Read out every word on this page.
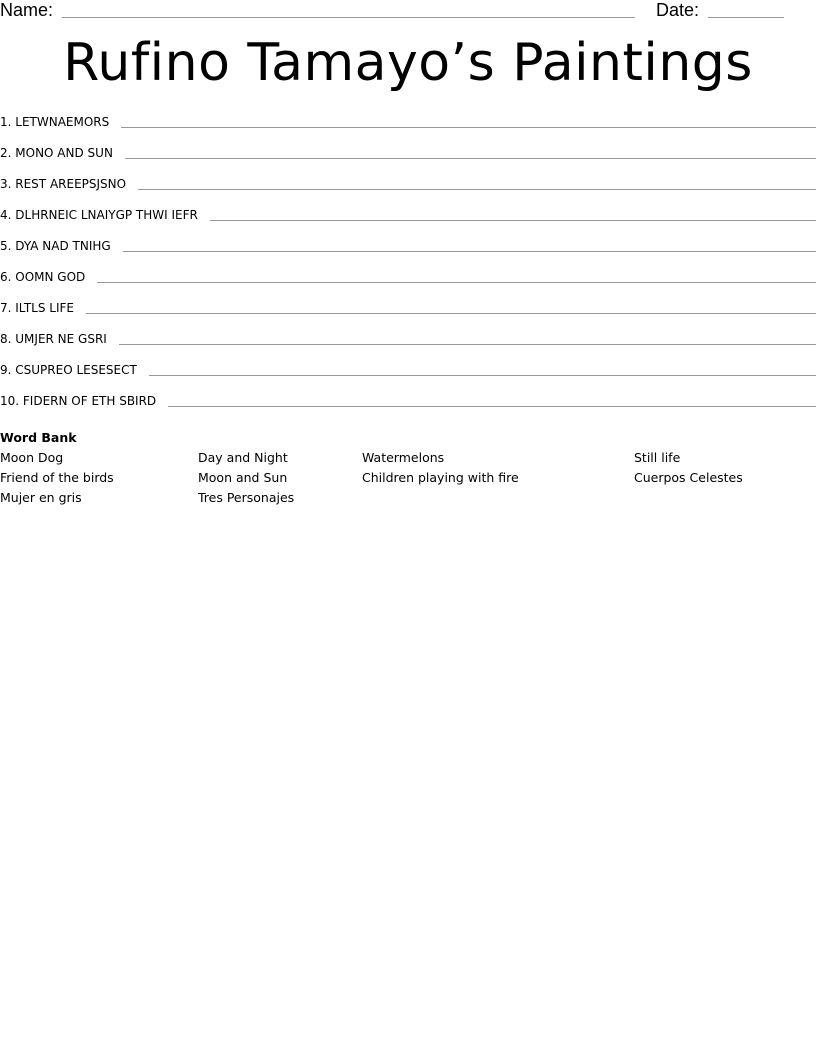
Name:	Date:
Rufino Tamayo’s Paintings
1. LETWNAEMORS
2. MONO AND SUN
3. REST AREEPSJSNO
4. DLHRNEIC LNAIYGP THWI IEFR
5. DYA NAD TNIHG
6. OOMN GOD
7. ILTLS LIFE
8. UMJER NE GSRI
9. CSUPREO LESESECT
10. FIDERN OF ETH SBIRD
Word Bank
Moon Dog	Day and Night	Watermelons	Still life
Friend of the birds	Moon and Sun	Children playing with fire	Cuerpos Celestes
Mujer en gris	Tres Personajes
